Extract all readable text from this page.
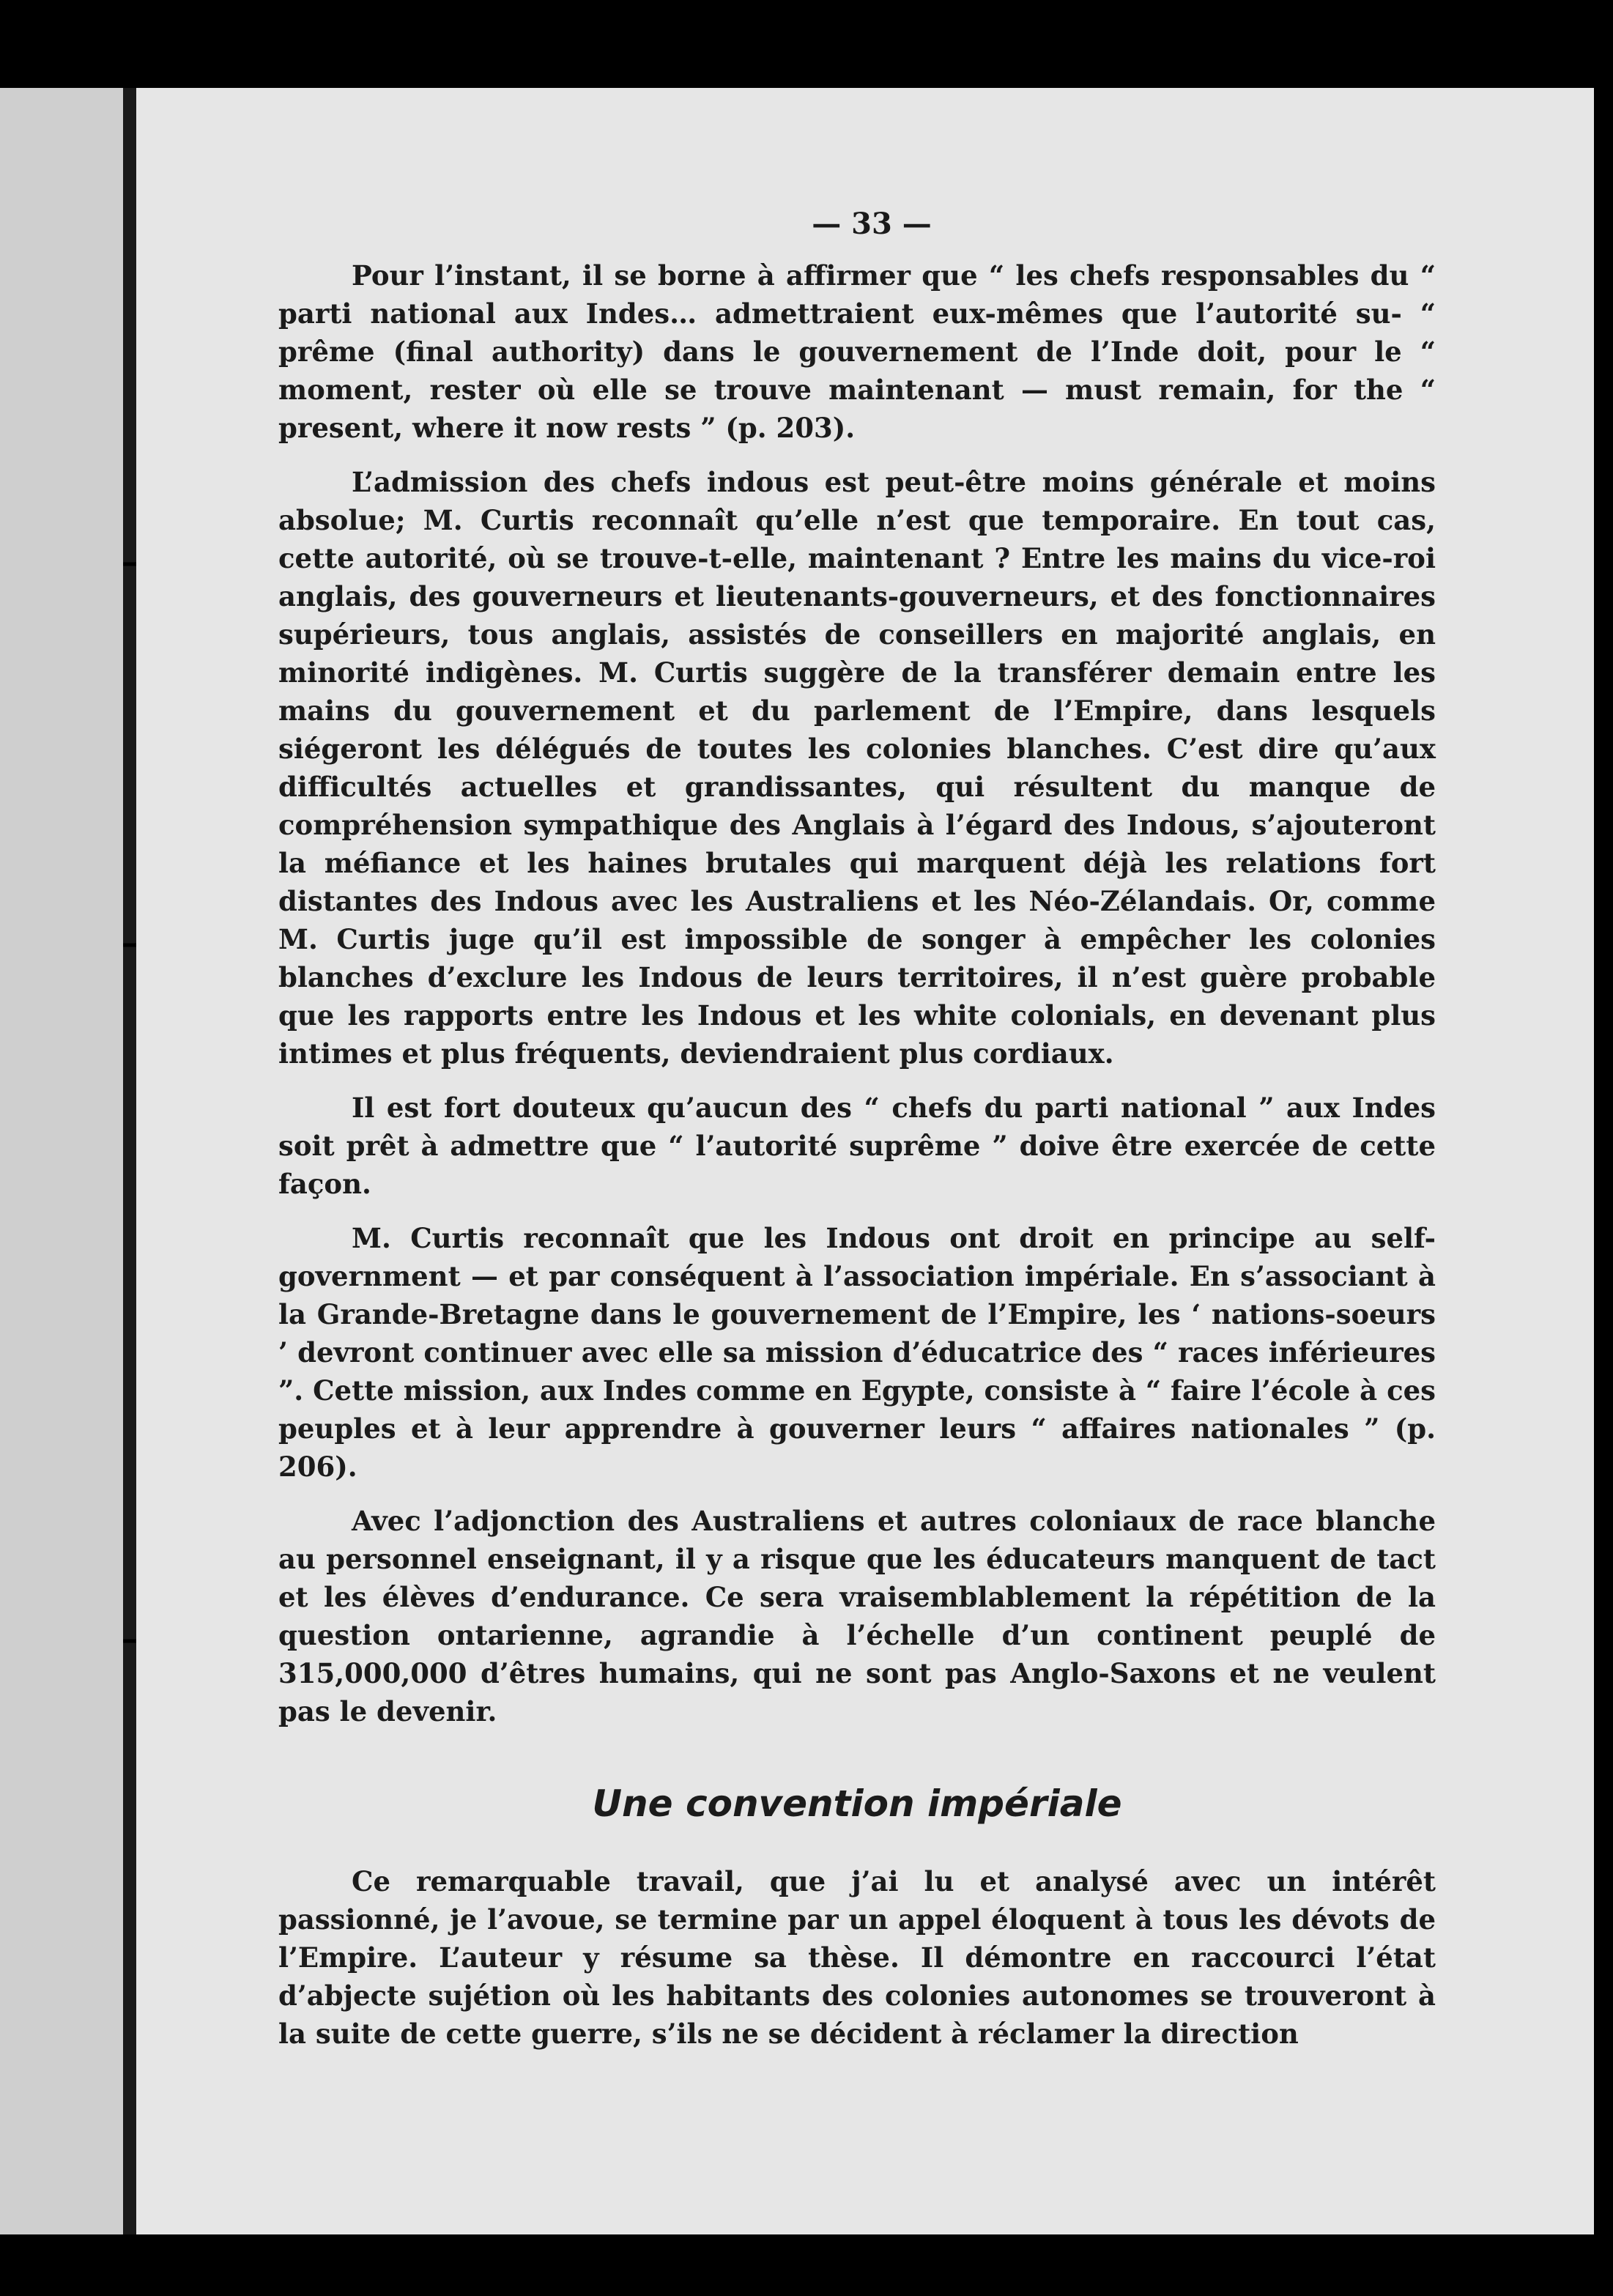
— 33 —

Pour l’instant, il se borne à affirmer que “ les chefs responsables du “ parti national aux Indes… admettraient eux-mêmes que l’autorité su- “ prême (final authority) dans le gouvernement de l’Inde doit, pour le “ moment, rester où elle se trouve maintenant — must remain, for the “ present, where it now rests ” (p. 203).

L’admission des chefs indous est peut-être moins générale et moins absolue; M. Curtis reconnaît qu’elle n’est que temporaire. En tout cas, cette autorité, où se trouve-t-elle, maintenant ? Entre les mains du vice-roi anglais, des gouverneurs et lieutenants-gouverneurs, et des fonctionnaires supérieurs, tous anglais, assistés de conseillers en majorité anglais, en minorité indigènes. M. Curtis suggère de la transférer demain entre les mains du gouvernement et du parlement de l’Empire, dans lesquels siégeront les délégués de toutes les colonies blanches. C’est dire qu’aux difficultés actuelles et grandissantes, qui résultent du manque de compréhension sympathique des Anglais à l’égard des Indous, s’ajouteront la méfiance et les haines brutales qui marquent déjà les relations fort distantes des Indous avec les Australiens et les Néo-Zélandais. Or, comme M. Curtis juge qu’il est impossible de songer à empêcher les colonies blanches d’exclure les Indous de leurs territoires, il n’est guère probable que les rapports entre les Indous et les white colonials, en devenant plus intimes et plus fréquents, deviendraient plus cordiaux.

Il est fort douteux qu’aucun des “ chefs du parti national ” aux Indes soit prêt à admettre que “ l’autorité suprême ” doive être exercée de cette façon.

M. Curtis reconnaît que les Indous ont droit en principe au self-government — et par conséquent à l’association impériale. En s’associant à la Grande-Bretagne dans le gouvernement de l’Empire, les ‘ nations-soeurs ’ devront continuer avec elle sa mission d’éducatrice des “ races inférieures ”. Cette mission, aux Indes comme en Egypte, consiste à “ faire l’école à ces peuples et à leur apprendre à gouverner leurs “ affaires nationales ” (p. 206).

Avec l’adjonction des Australiens et autres coloniaux de race blanche au personnel enseignant, il y a risque que les éducateurs manquent de tact et les élèves d’endurance. Ce sera vraisemblablement la répétition de la question ontarienne, agrandie à l’échelle d’un continent peuplé de 315,000,000 d’êtres humains, qui ne sont pas Anglo-Saxons et ne veulent pas le devenir.

Une convention impériale

Ce remarquable travail, que j’ai lu et analysé avec un intérêt passionné, je l’avoue, se termine par un appel éloquent à tous les dévots de l’Empire. L’auteur y résume sa thèse. Il démontre en raccourci l’état d’abjecte sujétion où les habitants des colonies autonomes se trouveront à la suite de cette guerre, s’ils ne se décident à réclamer la direction
